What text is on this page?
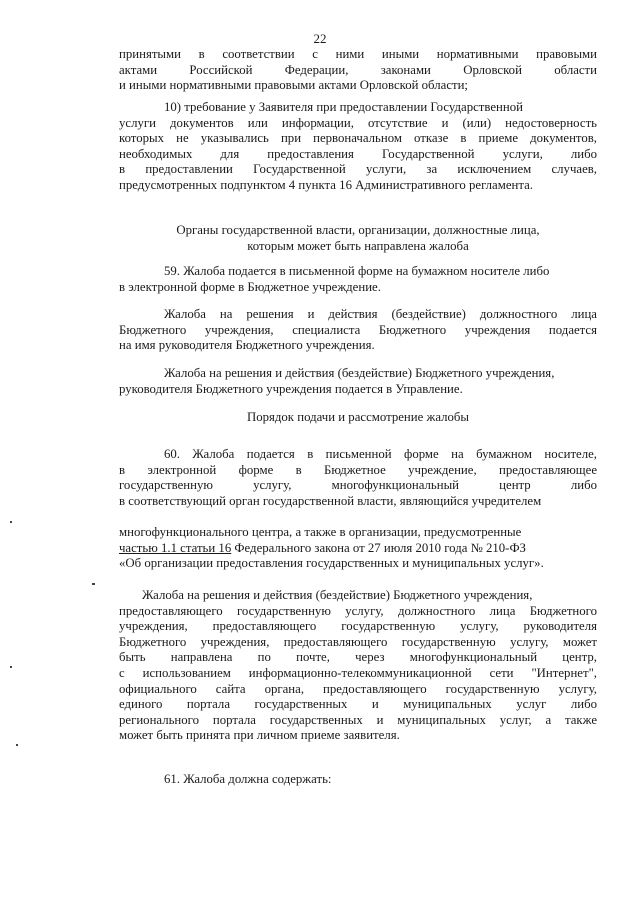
22
принятыми в соответствии с ними иными нормативными правовыми
актами Российской Федерации, законами Орловской области
и иными нормативными правовыми актами Орловской области;
10) требование у Заявителя при предоставлении Государственной
услуги документов или информации, отсутствие и (или) недостоверность
которых не указывались при первоначальном отказе в приеме документов,
необходимых для предоставления Государственной услуги, либо
в предоставлении Государственной услуги, за исключением случаев,
предусмотренных подпунктом 4 пункта 16 Административного регламента.
Органы государственной власти, организации, должностные лица,
которым может быть направлена жалоба
59. Жалоба подается в письменной форме на бумажном носителе либо
в электронной форме в Бюджетное учреждение.
Жалоба на решения и действия (бездействие) должностного лица
Бюджетного учреждения, специалиста Бюджетного учреждения подается
на имя руководителя Бюджетного учреждения.
Жалоба на решения и действия (бездействие) Бюджетного учреждения,
руководителя Бюджетного учреждения подается в Управление.
Порядок подачи и рассмотрение жалобы
60. Жалоба подается в письменной форме на бумажном носителе,
в электронной форме в Бюджетное учреждение, предоставляющее
государственную услугу, многофункциональный центр либо
в соответствующий орган государственной власти, являющийся учредителем
многофункционального центра, а также в организации, предусмотренные
частью 1.1 статьи 16 Федерального закона от 27 июля 2010 года № 210-ФЗ
«Об организации предоставления государственных и муниципальных услуг».
Жалоба на решения и действия (бездействие) Бюджетного учреждения,
предоставляющего государственную услугу, должностного лица Бюджетного
учреждения, предоставляющего государственную услугу, руководителя
Бюджетного учреждения, предоставляющего государственную услугу, может
быть направлена по почте, через многофункциональный центр,
с использованием информационно-телекоммуникационной сети "Интернет",
официального сайта органа, предоставляющего государственную услугу,
единого портала государственных и муниципальных услуг либо
регионального портала государственных и муниципальных услуг, а также
может быть принята при личном приеме заявителя.
61. Жалоба должна содержать:
